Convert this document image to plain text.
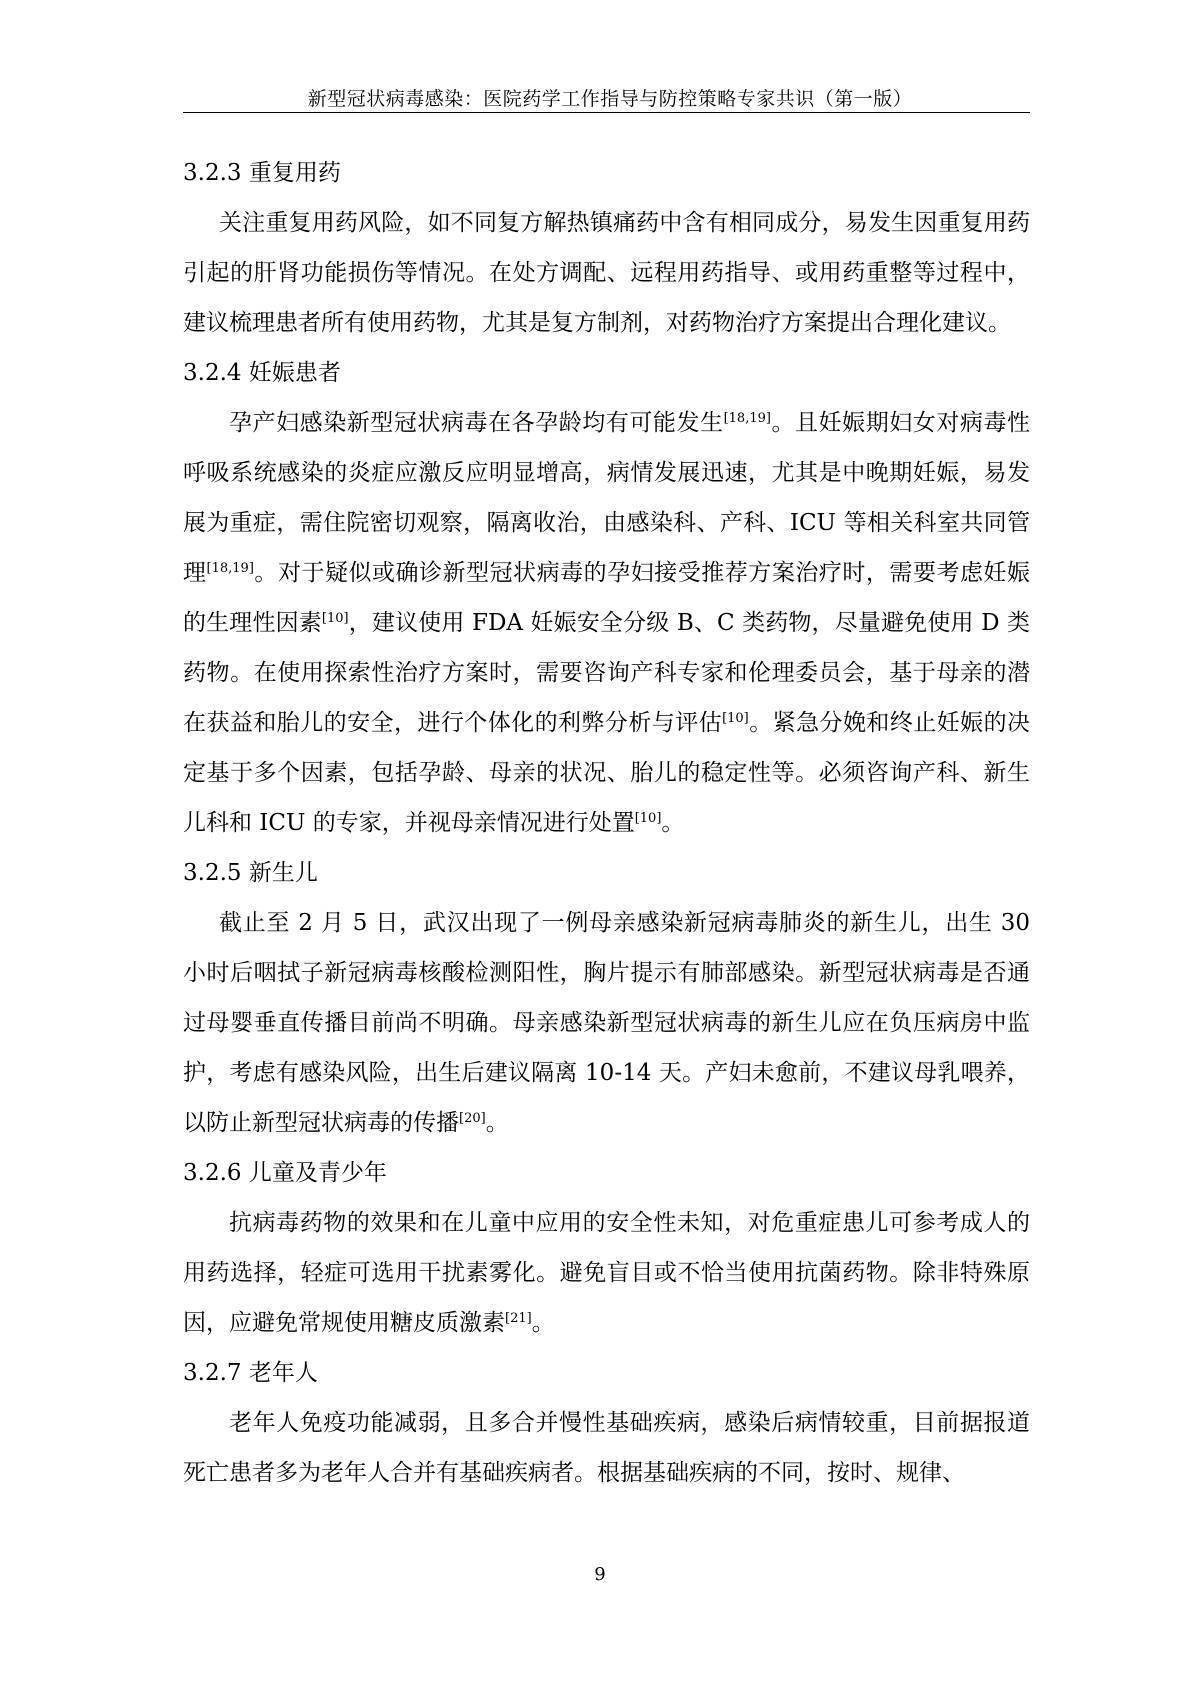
新型冠状病毒感染：医院药学工作指导与防控策略专家共识（第一版）
3.2.3 重复用药

关注重复用药风险，如不同复方解热镇痛药中含有相同成分，易发生因重复用药引起的肝肾功能损伤等情况。在处方调配、远程用药指导、或用药重整等过程中，建议梳理患者所有使用药物，尤其是复方制剂，对药物治疗方案提出合理化建议。

3.2.4 妊娠患者

孕产妇感染新型冠状病毒在各孕龄均有可能发生[18,19]。且妊娠期妇女对病毒性呼吸系统感染的炎症应激反应明显增高，病情发展迅速，尤其是中晚期妊娠，易发展为重症，需住院密切观察，隔离收治，由感染科、产科、ICU 等相关科室共同管理[18,19]。对于疑似或确诊新型冠状病毒的孕妇接受推荐方案治疗时，需要考虑妊娠的生理性因素[10]，建议使用 FDA 妊娠安全分级 B、C 类药物，尽量避免使用 D 类药物。在使用探索性治疗方案时，需要咨询产科专家和伦理委员会，基于母亲的潜在获益和胎儿的安全，进行个体化的利弊分析与评估[10]。紧急分娩和终止妊娠的决定基于多个因素，包括孕龄、母亲的状况、胎儿的稳定性等。必须咨询产科、新生儿科和 ICU 的专家，并视母亲情况进行处置[10]。

3.2.5 新生儿

截止至 2 月 5 日，武汉出现了一例母亲感染新冠病毒肺炎的新生儿，出生 30 小时后咽拭子新冠病毒核酸检测阳性，胸片提示有肺部感染。新型冠状病毒是否通过母婴垂直传播目前尚不明确。母亲感染新型冠状病毒的新生儿应在负压病房中监护，考虑有感染风险，出生后建议隔离 10-14 天。产妇未愈前，不建议母乳喂养，以防止新型冠状病毒的传播[20]。

3.2.6 儿童及青少年

抗病毒药物的效果和在儿童中应用的安全性未知，对危重症患儿可参考成人的用药选择，轻症可选用干扰素雾化。避免盲目或不恰当使用抗菌药物。除非特殊原因，应避免常规使用糖皮质激素[21]。

3.2.7 老年人

老年人免疫功能减弱，且多合并慢性基础疾病，感染后病情较重，目前据报道死亡患者多为老年人合并有基础疾病者。根据基础疾病的不同，按时、规律、

9
